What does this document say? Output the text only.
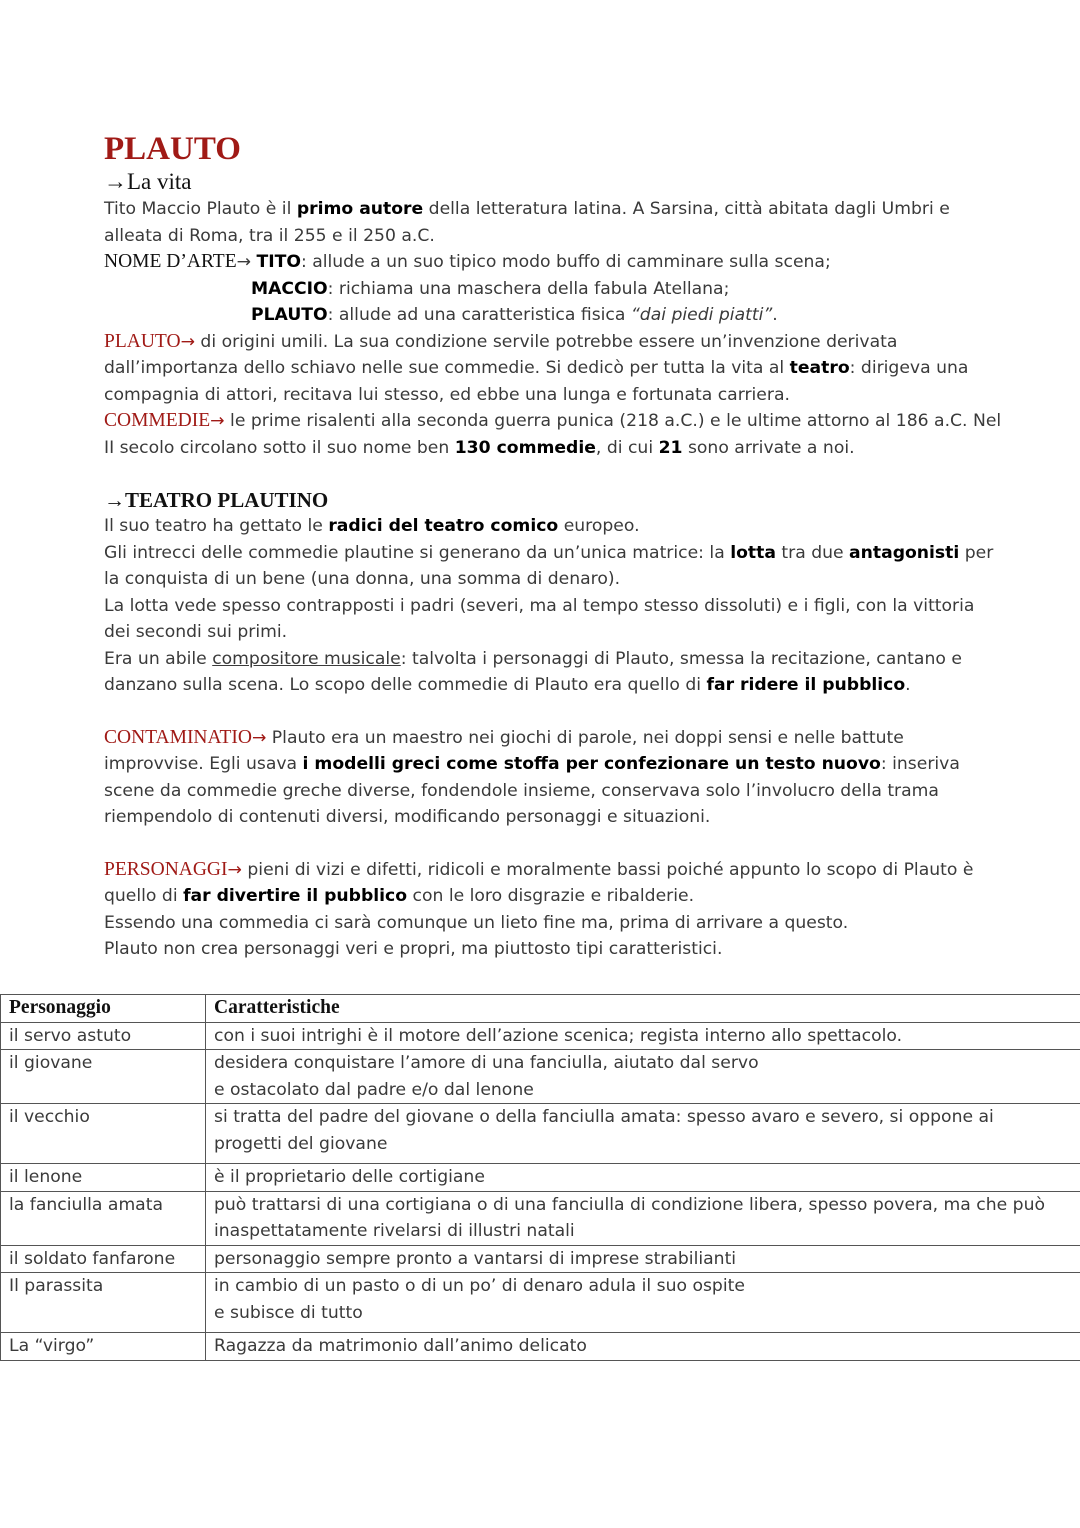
PLAUTO

→La vita

Tito Maccio Plauto è il primo autore della letteratura latina. A Sarsina, città abitata dagli Umbri e alleata di Roma, tra il 255 e il 250 a.C.

NOME D’ARTE→ TITO: allude a un suo tipico modo buffo di camminare sulla scena;

MACCIO: richiama una maschera della fabula Atellana;

PLAUTO: allude ad una caratteristica fisica “dai piedi piatti”.

PLAUTO→ di origini umili. La sua condizione servile potrebbe essere un’invenzione derivata dall’importanza dello schiavo nelle sue commedie. Si dedicò per tutta la vita al teatro: dirigeva una compagnia di attori, recitava lui stesso, ed ebbe una lunga e fortunata carriera.

COMMEDIE→ le prime risalenti alla seconda guerra punica (218 a.C.) e le ultime attorno al 186 a.C. Nel II secolo circolano sotto il suo nome ben 130 commedie, di cui 21 sono arrivate a noi.

→TEATRO PLAUTINO

Il suo teatro ha gettato le radici del teatro comico europeo.

Gli intrecci delle commedie plautine si generano da un’unica matrice: la lotta tra due antagonisti per la conquista di un bene (una donna, una somma di denaro).

La lotta vede spesso contrapposti i padri (severi, ma al tempo stesso dissoluti) e i figli, con la vittoria dei secondi sui primi.

Era un abile compositore musicale: talvolta i personaggi di Plauto, smessa la recitazione, cantano e danzano sulla scena. Lo scopo delle commedie di Plauto era quello di far ridere il pubblico.

CONTAMINATIO→ Plauto era un maestro nei giochi di parole, nei doppi sensi e nelle battute improvvise. Egli usava i modelli greci come stoffa per confezionare un testo nuovo: inseriva scene da commedie greche diverse, fondendole insieme, conservava solo l’involucro della trama riempendolo di contenuti diversi, modificando personaggi e situazioni.

PERSONAGGI→ pieni di vizi e difetti, ridicoli e moralmente bassi poiché appunto lo scopo di Plauto è quello di far divertire il pubblico con le loro disgrazie e ribalderie.

Essendo una commedia ci sarà comunque un lieto fine ma, prima di arrivare a questo.

Plauto non crea personaggi veri e propri, ma piuttosto tipi caratteristici.

Personaggio	Caratteristiche
il servo astuto	con i suoi intrighi è il motore dell’azione scenica; regista interno allo spettacolo.

il giovane	desidera conquistare l’amore di una fanciulla, aiutato dal servo
e ostacolato dal padre e/o dal lenone

il vecchio	si tratta del padre del giovane o della fanciulla amata: spesso avaro e severo, si oppone ai
progetti del giovane

il lenone	è il proprietario delle cortigiane

la fanciulla amata	può trattarsi di una cortigiana o di una fanciulla di condizione libera, spesso povera, ma che può
inaspettatamente rivelarsi di illustri natali

il soldato fanfarone	personaggio sempre pronto a vantarsi di imprese strabilianti

Il parassita	in cambio di un pasto o di un po’ di denaro adula il suo ospite
e subisce di tutto

La “virgo”	Ragazza da matrimonio dall’animo delicato
